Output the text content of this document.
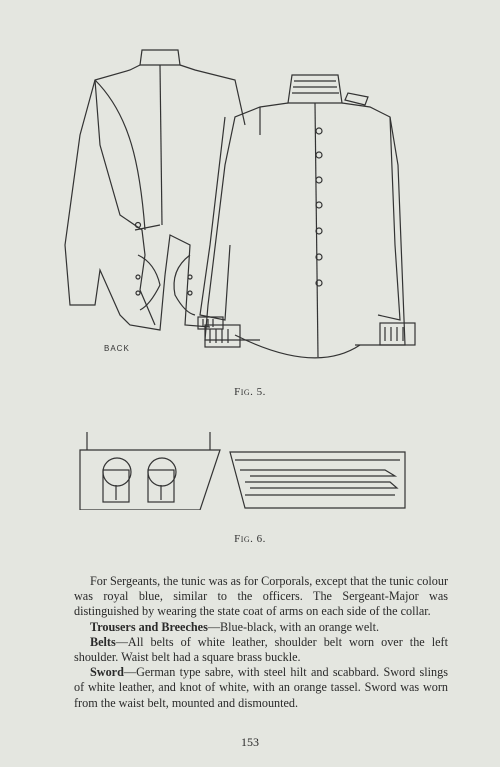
BACK
Fig. 5.
Fig. 6.

For Sergeants, the tunic was as for Corporals, except that the tunic colour was royal blue, similar to the officers. The Sergeant-Major was distinguished by wearing the state coat of arms on each side of the collar.

Trousers and Breeches—Blue-black, with an orange welt.

Belts—All belts of white leather, shoulder belt worn over the left shoulder. Waist belt had a square brass buckle.

Sword—German type sabre, with steel hilt and scabbard. Sword slings of white leather, and knot of white, with an orange tassel. Sword was worn from the waist belt, mounted and dismounted.

153
